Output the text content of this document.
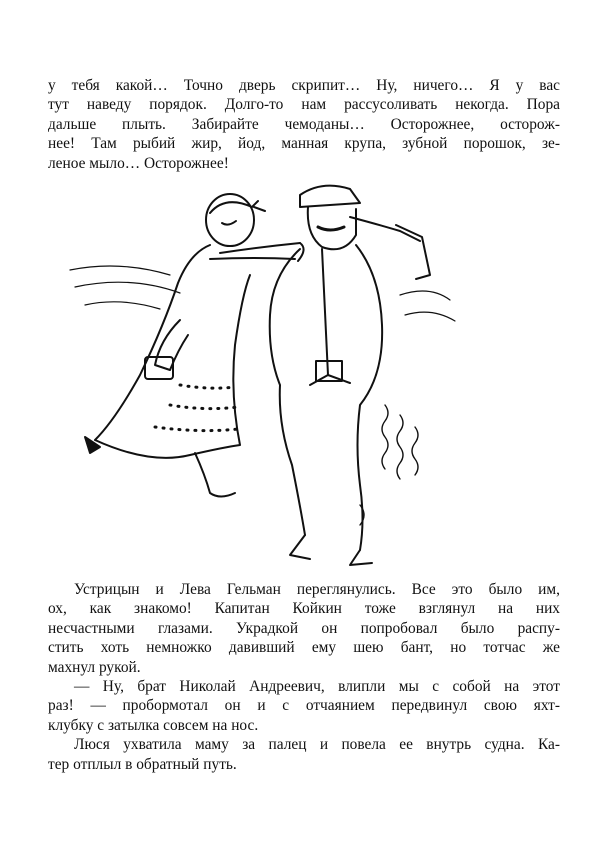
у тебя какой… Точно дверь скрипит… Ну, ничего… Я у вас
тут наведу порядок. Долго-то нам рассусоливать некогда. Пора
дальше плыть. Забирайте чемоданы… Осторожнее, осторож-
нее! Там рыбий жир, йод, манная крупа, зубной порошок, зе-
леное мыло… Осторожнее!
Устрицын и Лева Гельман переглянулись. Все это было им,
ох, как знакомо! Капитан Койкин тоже взглянул на них
несчастными глазами. Украдкой он попробовал было распу-
стить хоть немножко давивший ему шею бант, но тотчас же
махнул рукой.
— Ну, брат Николай Андреевич, влипли мы с собой на этот
раз! — пробормотал он и с отчаянием передвинул свою яхт-
клубку с затылка совсем на нос.
Люся ухватила маму за палец и повела ее внутрь судна. Ка-
тер отплыл в обратный путь.
